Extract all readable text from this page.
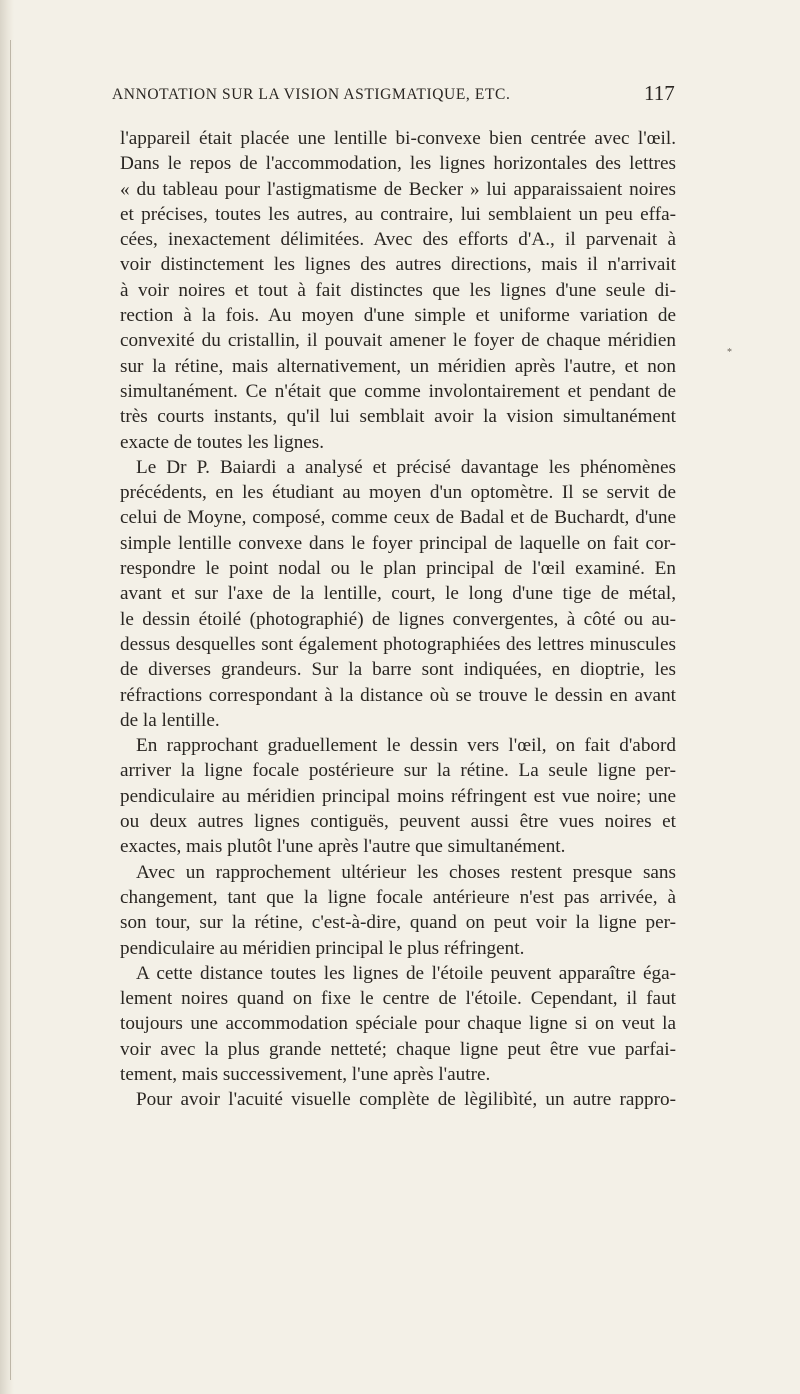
ANNOTATION SUR LA VISION ASTIGMATIQUE, ETC.	117
l'appareil était placée une lentille bi-convexe bien centrée avec l'œil.
Dans le repos de l'accommodation, les lignes horizontales des lettres
« du tableau pour l'astigmatisme de Becker » lui apparaissaient noires
et précises, toutes les autres, au contraire, lui semblaient un peu effa-
cées, inexactement délimitées. Avec des efforts d'A., il parvenait à
voir distinctement les lignes des autres directions, mais il n'arrivait
à voir noires et tout à fait distinctes que les lignes d'une seule di-
rection à la fois. Au moyen d'une simple et uniforme variation de
convexité du cristallin, il pouvait amener le foyer de chaque méridien
sur la rétine, mais alternativement, un méridien après l'autre, et non
simultanément. Ce n'était que comme involontairement et pendant de
très courts instants, qu'il lui semblait avoir la vision simultanément
exacte de toutes les lignes.
Le Dr P. Baiardi a analysé et précisé davantage les phénomènes
précédents, en les étudiant au moyen d'un optomètre. Il se servit de
celui de Moyne, composé, comme ceux de Badal et de Buchardt, d'une
simple lentille convexe dans le foyer principal de laquelle on fait cor-
respondre le point nodal ou le plan principal de l'œil examiné. En
avant et sur l'axe de la lentille, court, le long d'une tige de métal,
le dessin étoilé (photographié) de lignes convergentes, à côté ou au-
dessus desquelles sont également photographiées des lettres minuscules
de diverses grandeurs. Sur la barre sont indiquées, en dioptrie, les
réfractions correspondant à la distance où se trouve le dessin en avant
de la lentille.
En rapprochant graduellement le dessin vers l'œil, on fait d'abord
arriver la ligne focale postérieure sur la rétine. La seule ligne per-
pendiculaire au méridien principal moins réfringent est vue noire; une
ou deux autres lignes contiguës, peuvent aussi être vues noires et
exactes, mais plutôt l'une après l'autre que simultanément.
Avec un rapprochement ultérieur les choses restent presque sans
changement, tant que la ligne focale antérieure n'est pas arrivée, à
son tour, sur la rétine, c'est-à-dire, quand on peut voir la ligne per-
pendiculaire au méridien principal le plus réfringent.
A cette distance toutes les lignes de l'étoile peuvent apparaître éga-
lement noires quand on fixe le centre de l'étoile. Cependant, il faut
toujours une accommodation spéciale pour chaque ligne si on veut la
voir avec la plus grande netteté; chaque ligne peut être vue parfai-
tement, mais successivement, l'une après l'autre.
Pour avoir l'acuité visuelle complète de lègilibìté, un autre rappro-
*
